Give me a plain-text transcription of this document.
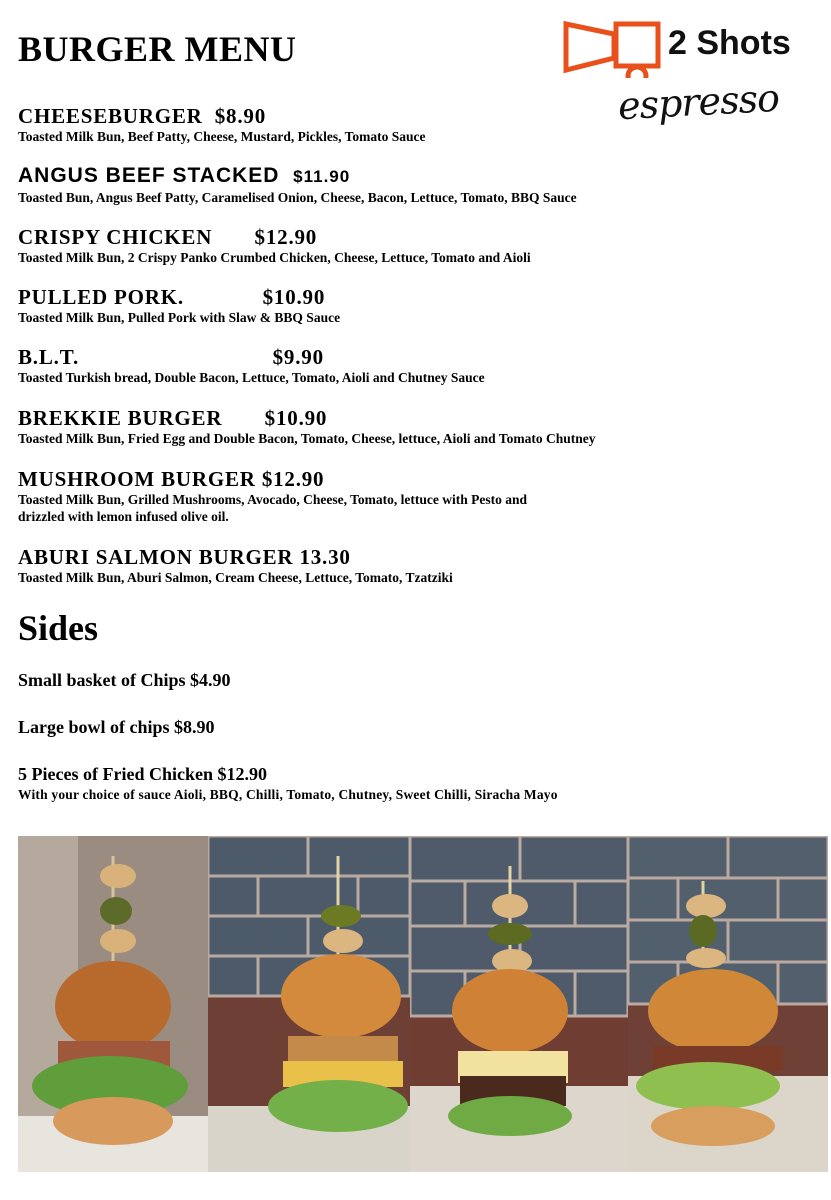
BURGER MENU	2 Shots
espresso
CHEESEBURGER  $8.90
Toasted Milk Bun, Beef Patty, Cheese, Mustard, Pickles, Tomato Sauce
ANGUS BEEF STACKED  $11.90
Toasted Bun, Angus Beef Patty, Caramelised Onion, Cheese, Bacon, Lettuce, Tomato, BBQ Sauce
CRISPY CHICKEN       $12.90
Toasted Milk Bun, 2 Crispy Panko Crumbed Chicken, Cheese, Lettuce, Tomato and Aioli
PULLED PORK.             $10.90
Toasted Milk Bun, Pulled Pork with Slaw & BBQ Sauce
B.L.T.                                $9.90
Toasted Turkish bread, Double Bacon, Lettuce, Tomato, Aioli and Chutney Sauce
BREKKIE BURGER       $10.90
Toasted Milk Bun, Fried Egg and Double Bacon, Tomato, Cheese, lettuce, Aioli and Tomato Chutney
MUSHROOM BURGER $12.90
Toasted Milk Bun, Grilled Mushrooms, Avocado, Cheese, Tomato, lettuce with Pesto and
drizzled with lemon infused olive oil.
ABURI SALMON BURGER 13.30
Toasted Milk Bun, Aburi Salmon, Cream Cheese, Lettuce, Tomato, Tzatziki
Sides
Small basket of Chips $4.90
Large bowl of chips $8.90
5 Pieces of Fried Chicken $12.90
With your choice of sauce Aioli, BBQ, Chilli, Tomato, Chutney, Sweet Chilli, Siracha Mayo
